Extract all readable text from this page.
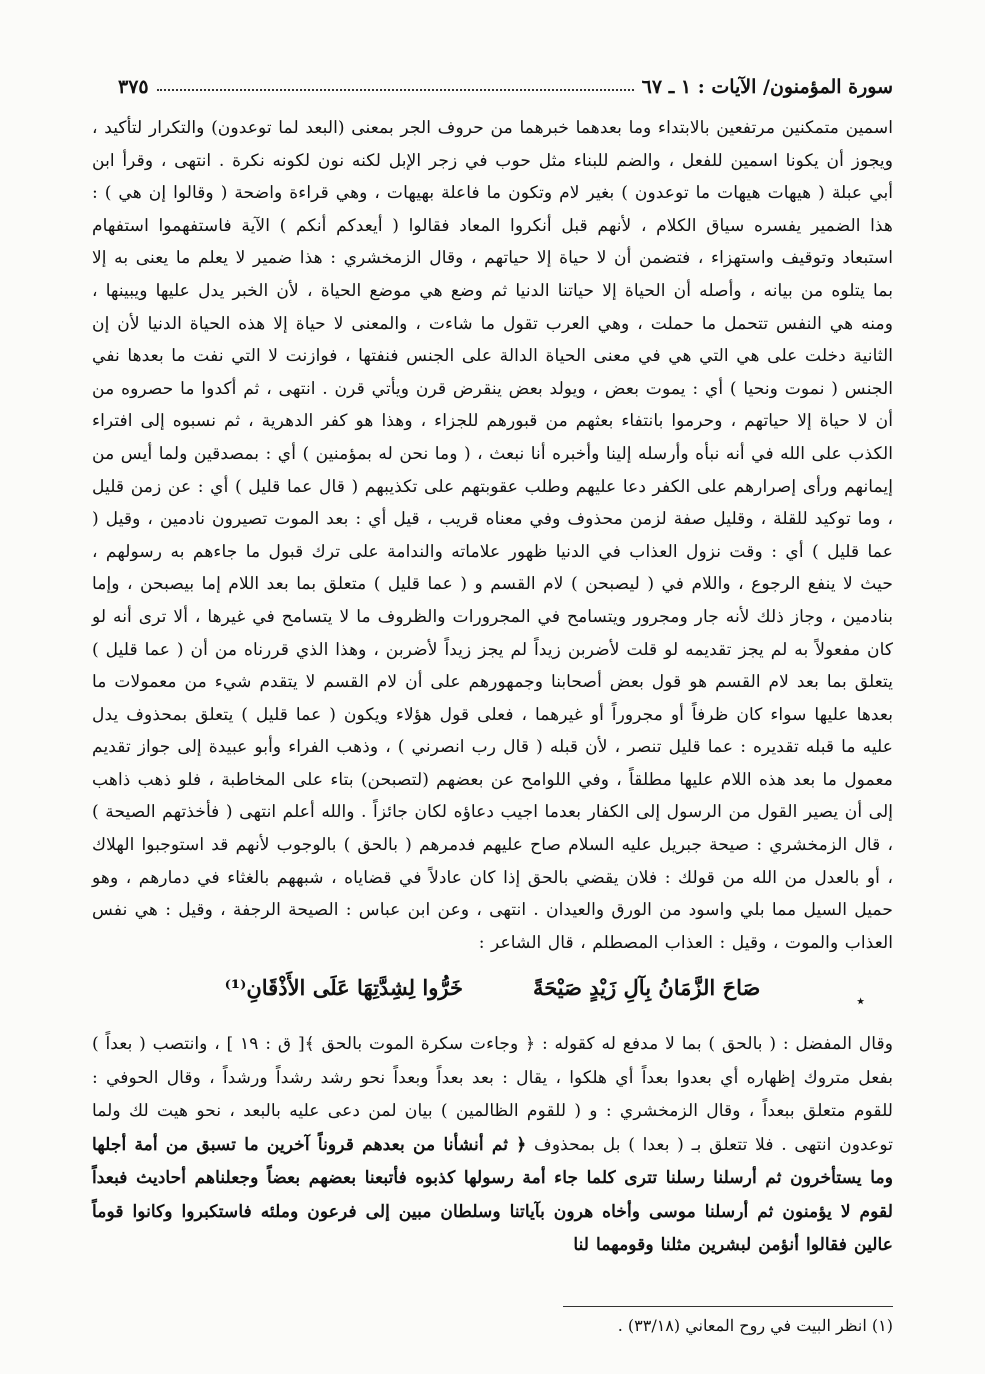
سورة المؤمنون/ الآيات : ١ ـ ٦٧
٣٧٥

اسمين متمكنين مرتفعين بالابتداء وما بعدهما خبرهما من حروف الجر بمعنى (البعد لما توعدون) والتكرار لتأكيد ، ويجوز أن يكونا اسمين للفعل ، والضم للبناء مثل حوب في زجر الإبل لكنه نون لكونه نكرة . انتهى ، وقرأ ابن أبي عبلة ( هيهات هيهات ما توعدون ) بغير لام وتكون ما فاعلة بهيهات ، وهي قراءة واضحة ( وقالوا إن هي ) : هذا الضمير يفسره سياق الكلام ، لأنهم قبل أنكروا المعاد فقالوا ( أيعدكم أنكم ) الآية فاستفهموا استفهام استبعاد وتوقيف واستهزاء ، فتضمن أن لا حياة إلا حياتهم ، وقال الزمخشري : هذا ضمير لا يعلم ما يعنى به إلا بما يتلوه من بيانه ، وأصله أن الحياة إلا حياتنا الدنيا ثم وضع هي موضع الحياة ، لأن الخبر يدل عليها ويبينها ، ومنه هي النفس تتحمل ما حملت ، وهي العرب تقول ما شاءت ، والمعنى لا حياة إلا هذه الحياة الدنيا لأن إن الثانية دخلت على هي التي هي في معنى الحياة الدالة على الجنس فنفتها ، فوازنت لا التي نفت ما بعدها نفي الجنس ( نموت ونحيا ) أي : يموت بعض ، ويولد بعض ينقرض قرن ويأتي قرن . انتهى ، ثم أكدوا ما حصروه من أن لا حياة إلا حياتهم ، وحرموا بانتفاء بعثهم من قبورهم للجزاء ، وهذا هو كفر الدهرية ، ثم نسبوه إلى افتراء الكذب على الله في أنه نبأه وأرسله إلينا وأخبره أنا نبعث ، ( وما نحن له بمؤمنين ) أي : بمصدقين ولما أيس من إيمانهم ورأى إصرارهم على الكفر دعا عليهم وطلب عقوبتهم على تكذيبهم ( قال عما قليل ) أي : عن زمن قليل ، وما توكيد للقلة ، وقليل صفة لزمن محذوف وفي معناه قريب ، قيل أي : بعد الموت تصيرون نادمين ، وقيل ( عما قليل ) أي : وقت نزول العذاب في الدنيا ظهور علاماته والندامة على ترك قبول ما جاءهم به رسولهم ، حيث لا ينفع الرجوع ، واللام في ( ليصبحن ) لام القسم و ( عما قليل ) متعلق بما بعد اللام إما بيصبحن ، وإما بنادمين ، وجاز ذلك لأنه جار ومجرور ويتسامح في المجرورات والظروف ما لا يتسامح في غيرها ، ألا ترى أنه لو كان مفعولاً به لم يجز تقديمه لو قلت لأضربن زيداً لم يجز زيداً لأضربن ، وهذا الذي قررناه من أن ( عما قليل ) يتعلق بما بعد لام القسم هو قول بعض أصحابنا وجمهورهم على أن لام القسم لا يتقدم شيء من معمولات ما بعدها عليها سواء كان ظرفاً أو مجروراً أو غيرهما ، فعلى قول هؤلاء ويكون ( عما قليل ) يتعلق بمحذوف يدل عليه ما قبله تقديره : عما قليل تنصر ، لأن قبله ( قال رب انصرني ) ، وذهب الفراء وأبو عبيدة إلى جواز تقديم معمول ما بعد هذه اللام عليها مطلقاً ، وفي اللوامح عن بعضهم (لتصبحن) بتاء على المخاطبة ، فلو ذهب ذاهب إلى أن يصير القول من الرسول إلى الكفار بعدما اجيب دعاؤه لكان جائزاً . والله أعلم انتهى ( فأخذتهم الصيحة ) ، قال الزمخشري : صيحة جبريل عليه السلام صاح عليهم فدمرهم ( بالحق ) بالوجوب لأنهم قد استوجبوا الهلاك ، أو بالعدل من الله من قولك : فلان يقضي بالحق إذا كان عادلاً في قضاياه ، شبههم بالغثاء في دمارهم ، وهو حميل السيل مما بلي واسود من الورق والعيدان . انتهى ، وعن ابن عباس : الصيحة الرجفة ، وقيل : هي نفس العذاب والموت ، وقيل : العذاب المصطلم ، قال الشاعر :

٭
صَاحَ الزَّمَانُ بِآلِ زَيْدٍ صَيْحَةً
خَرُّوا لِشِدَّتِهَا عَلَى الأَذْقَانِ⁽¹⁾

وقال المفضل : ( بالحق ) بما لا مدفع له كقوله : ﴿ وجاءت سكرة الموت بالحق ﴾[ ق : ١٩ ] ، وانتصب ( بعداً ) بفعل متروك إظهاره أي بعدوا بعداً أي هلكوا ، يقال : بعد بعداً وبعداً نحو رشد رشداً ورشداً ، وقال الحوفي : للقوم متعلق ببعداً ، وقال الزمخشري : و ( للقوم الظالمين ) بيان لمن دعى عليه بالبعد ، نحو هيت لك ولما توعدون انتهى . فلا تتعلق بـ ( بعدا ) بل بمحذوف ﴿ ثم أنشأنا من بعدهم قروناً آخرين ما تسبق من أمة أجلها وما يستأخرون ثم أرسلنا رسلنا تترى كلما جاء أمة رسولها كذبوه فأتبعنا بعضهم بعضاً وجعلناهم أحاديث فبعداً لقوم لا يؤمنون ثم أرسلنا موسى وأخاه هرون بآياتنا وسلطان مبين إلى فرعون وملئه فاستكبروا وكانوا قوماً عالين فقالوا أنؤمن لبشرين مثلنا وقومهما لنا

(١) انظر البيت في روح المعاني (٣٣/١٨) .
